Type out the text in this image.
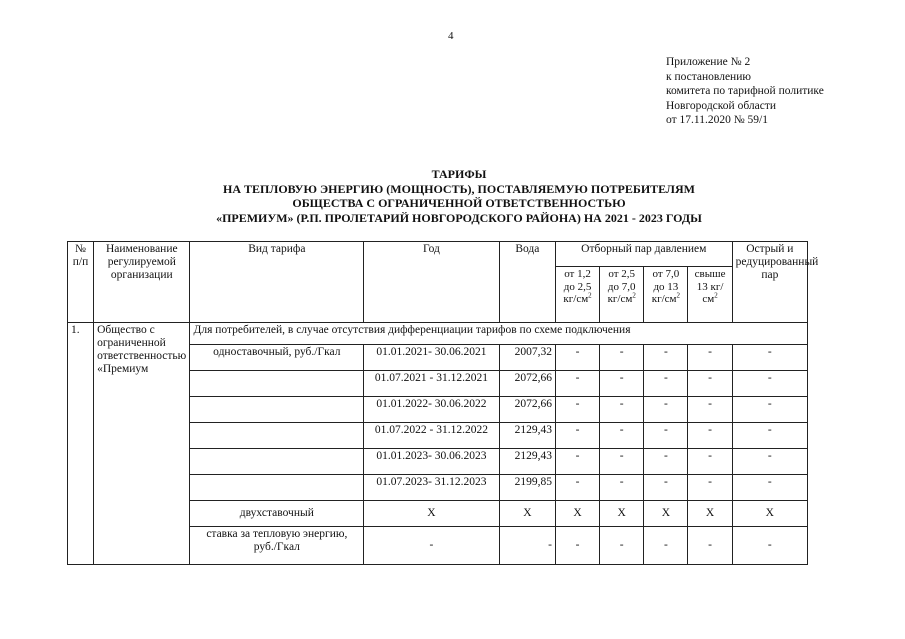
4
Приложение № 2
к постановлению
комитета по тарифной политике
Новгородской области
от 17.11.2020 № 59/1
ТАРИФЫ
НА ТЕПЛОВУЮ ЭНЕРГИЮ (МОЩНОСТЬ), ПОСТАВЛЯЕМУЮ ПОТРЕБИТЕЛЯМ
ОБЩЕСТВА С ОГРАНИЧЕННОЙ ОТВЕТСТВЕННОСТЬЮ
«ПРЕМИУМ» (Р.П. ПРОЛЕТАРИЙ НОВГОРОДСКОГО РАЙОНА) НА 2021 - 2023 ГОДЫ
№ п/п	Наименование регулируемой организации	Вид тарифа	Год	Вода	Отборный пар давлением				Острый и редуцированный пар
					от 1,2 до 2,5 $кг/см^2$	от 2,5 до 7,0 $кг/см^2$	от 7,0 до 13 $кг/см^2$	свыше 13 $кг/см^2$
1.	Общество с ограниченной ответственностью «Премиум	Для потребителей, в случае отсутствия дифференциации тарифов по схеме подключения							
		одноставочный, руб./Гкал	01.01.2021- 30.06.2021	2007,32	-	-	-	-	-
			01.07.2021 - 31.12.2021	2072,66	-	-	-	-	-
			01.01.2022- 30.06.2022	2072,66	-	-	-	-	-
			01.07.2022 - 31.12.2022	2129,43	-	-	-	-	-
			01.01.2023- 30.06.2023	2129,43	-	-	-	-	-
			01.07.2023- 31.12.2023	2199,85	-	-	-	-	-
		двухставочный	X	X	X	X	X	X	X
		ставка за тепловую энергию, руб./Гкал	-	-	-	-	-	-	-
